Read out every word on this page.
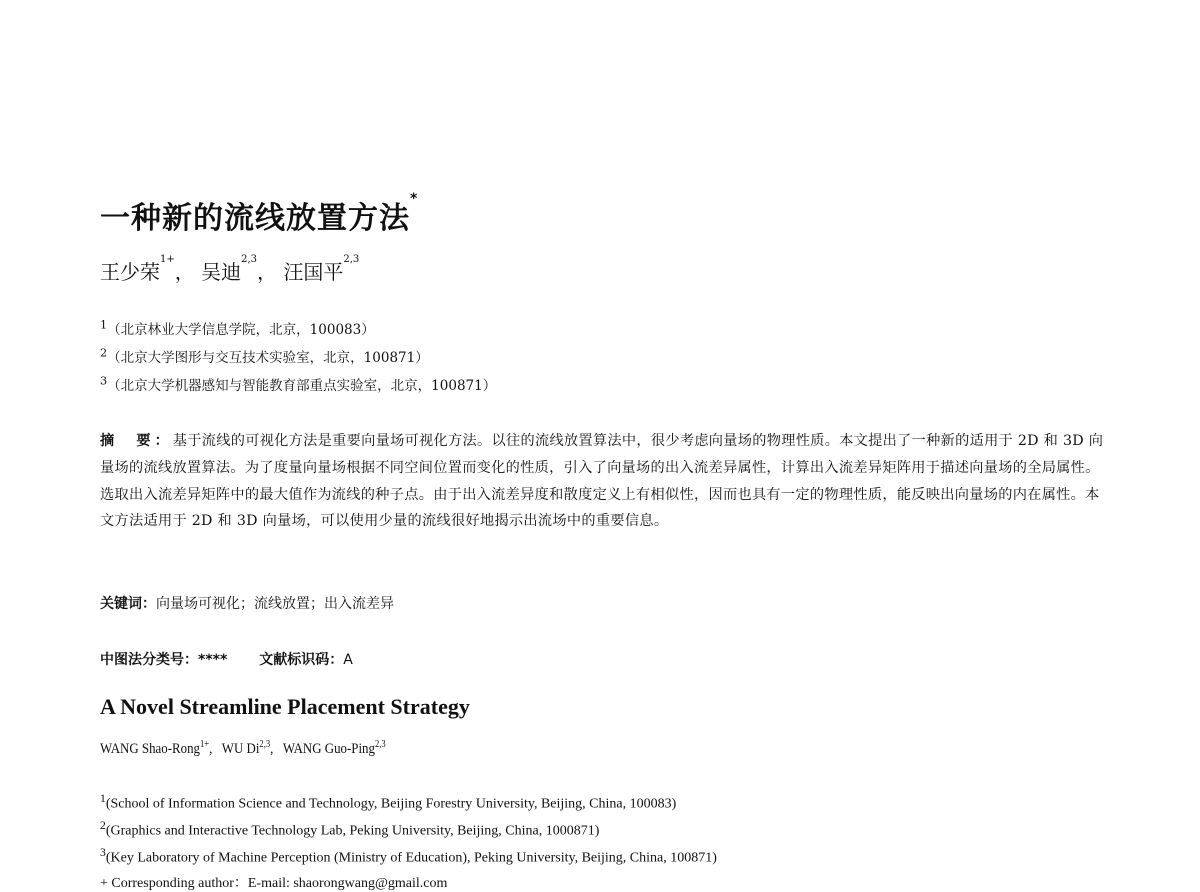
一种新的流线放置方法*
王少荣$^{1+}$， 吴迪$^{2,3}$， 汪国平$^{2,3}$
$^1$（北京林业大学信息学院，北京，100083）
$^2$（北京大学图形与交互技术实验室，北京，100871）
$^3$（北京大学机器感知与智能教育部重点实验室，北京，100871）
摘　要：基于流线的可视化方法是重要向量场可视化方法。以往的流线放置算法中，很少考虑向量场的物理性质。本文提出了一种新的适用于 2D 和 3D 向量场的流线放置算法。为了度量向量场根据不同空间位置而变化的性质，引入了向量场的出入流差异属性，计算出入流差异矩阵用于描述向量场的全局属性。选取出入流差异矩阵中的最大值作为流线的种子点。由于出入流差异度和散度定义上有相似性，因而也具有一定的物理性质，能反映出向量场的内在属性。本文方法适用于 2D 和 3D 向量场，可以使用少量的流线很好地揭示出流场中的重要信息。
关键词：向量场可视化；流线放置；出入流差异
中图法分类号：**** 文献标识码：A
A Novel Streamline Placement Strategy
WANG Shao-Rong$^{1+}$,   WU Di$^{2,3}$,   WANG Guo-Ping$^{2,3}$
$^1$(School of Information Science and Technology, Beijing Forestry University, Beijing, China, 100083)
$^2$(Graphics and Interactive Technology Lab, Peking University, Beijing, China, 1000871)
$^3$(Key Laboratory of Machine Perception (Ministry of Education), Peking University, Beijing, China, 100871)
+ Corresponding author：E-mail: shaorongwang@gmail.com
